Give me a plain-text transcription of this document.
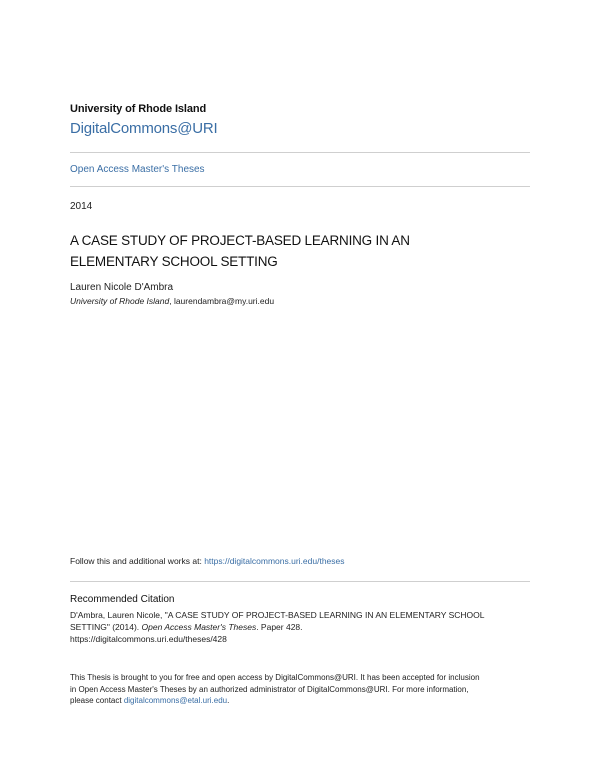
University of Rhode Island
DigitalCommons@URI
Open Access Master's Theses
2014
A CASE STUDY OF PROJECT-BASED LEARNING IN AN
ELEMENTARY SCHOOL SETTING
Lauren Nicole D'Ambra
University of Rhode Island, laurendambra@my.uri.edu
Follow this and additional works at: https://digitalcommons.uri.edu/theses
Recommended Citation
D'Ambra, Lauren Nicole, "A CASE STUDY OF PROJECT-BASED LEARNING IN AN ELEMENTARY SCHOOL
SETTING" (2014). Open Access Master's Theses. Paper 428.
https://digitalcommons.uri.edu/theses/428
This Thesis is brought to you for free and open access by DigitalCommons@URI. It has been accepted for inclusion
in Open Access Master's Theses by an authorized administrator of DigitalCommons@URI. For more information,
please contact digitalcommons@etal.uri.edu.
